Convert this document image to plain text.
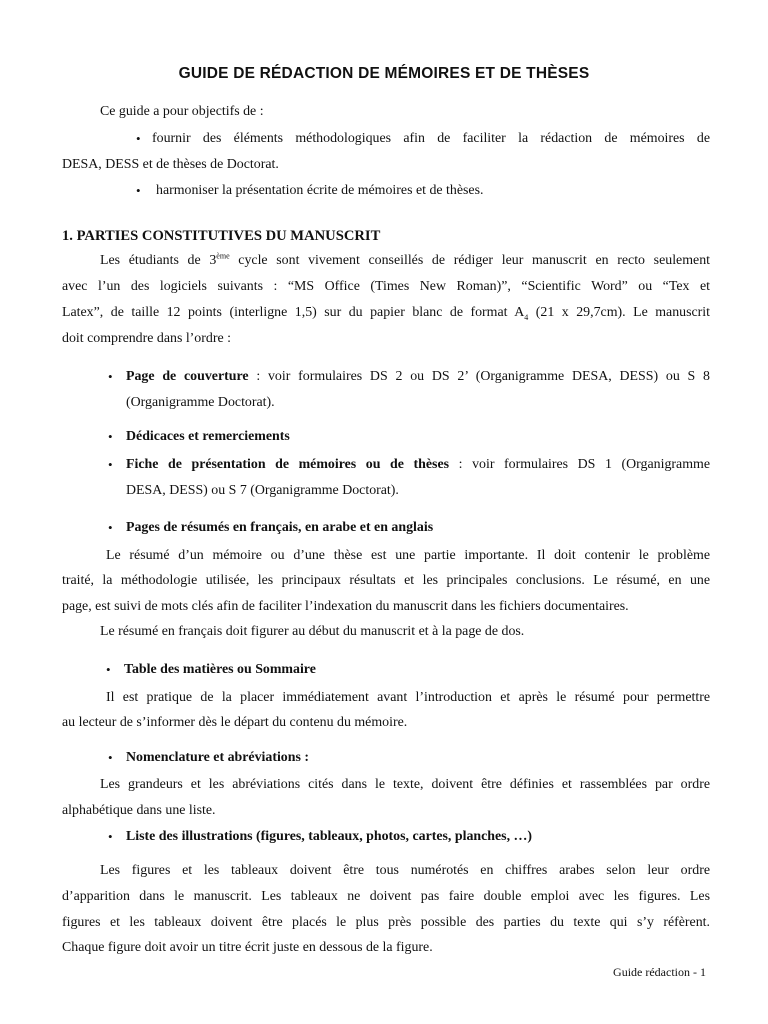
GUIDE DE RÉDACTION DE MÉMOIRES ET DE THÈSES

Ce guide a pour objectifs de :

• fournir des éléments méthodologiques afin de faciliter la rédaction de mémoires de

DESA, DESS et de thèses de Doctorat.

• harmoniser la présentation écrite de mémoires et de thèses.

1. PARTIES CONSTITUTIVES DU MANUSCRIT

Les étudiants de 3ème cycle sont vivement conseillés de rédiger leur manuscrit en recto seulement

avec l’un des logiciels suivants : “MS Office (Times New Roman)”, “Scientific Word” ou “Tex et

Latex”, de taille 12 points (interligne 1,5) sur du papier blanc de format $A_4$ (21 x 29,7cm). Le manuscrit

doit comprendre dans l’ordre :

• Page de couverture : voir formulaires DS 2 ou DS 2’ (Organigramme DESA, DESS) ou S 8

(Organigramme Doctorat).

• Dédicaces et remerciements

• Fiche de présentation de mémoires ou de thèses : voir formulaires DS 1 (Organigramme

DESA, DESS) ou S 7 (Organigramme Doctorat).

• Pages de résumés en français, en arabe et en anglais

Le résumé d’un mémoire ou d’une thèse est une partie importante. Il doit contenir le problème

traité, la méthodologie utilisée, les principaux résultats et les principales conclusions. Le résumé, en une

page, est suivi de mots clés afin de faciliter l’indexation du manuscrit dans les fichiers documentaires.

Le résumé en français doit figurer au début du manuscrit et à la page de dos.

• Table des matières ou Sommaire

Il est pratique de la placer immédiatement avant l’introduction et après le résumé pour permettre

au lecteur de s’informer dès le départ du contenu du mémoire.

• Nomenclature et abréviations :

Les grandeurs et les abréviations cités dans le texte, doivent être définies et rassemblées par ordre

alphabétique dans une liste.

• Liste des illustrations (figures, tableaux, photos, cartes, planches, …)

Les figures et les tableaux doivent être tous numérotés en chiffres arabes selon leur ordre

d’apparition dans le manuscrit. Les tableaux ne doivent pas faire double emploi avec les figures. Les

figures et les tableaux doivent être placés le plus près possible des parties du texte qui s’y réfèrent.

Chaque figure doit avoir un titre écrit juste en dessous de la figure.

Guide rédaction - 1
